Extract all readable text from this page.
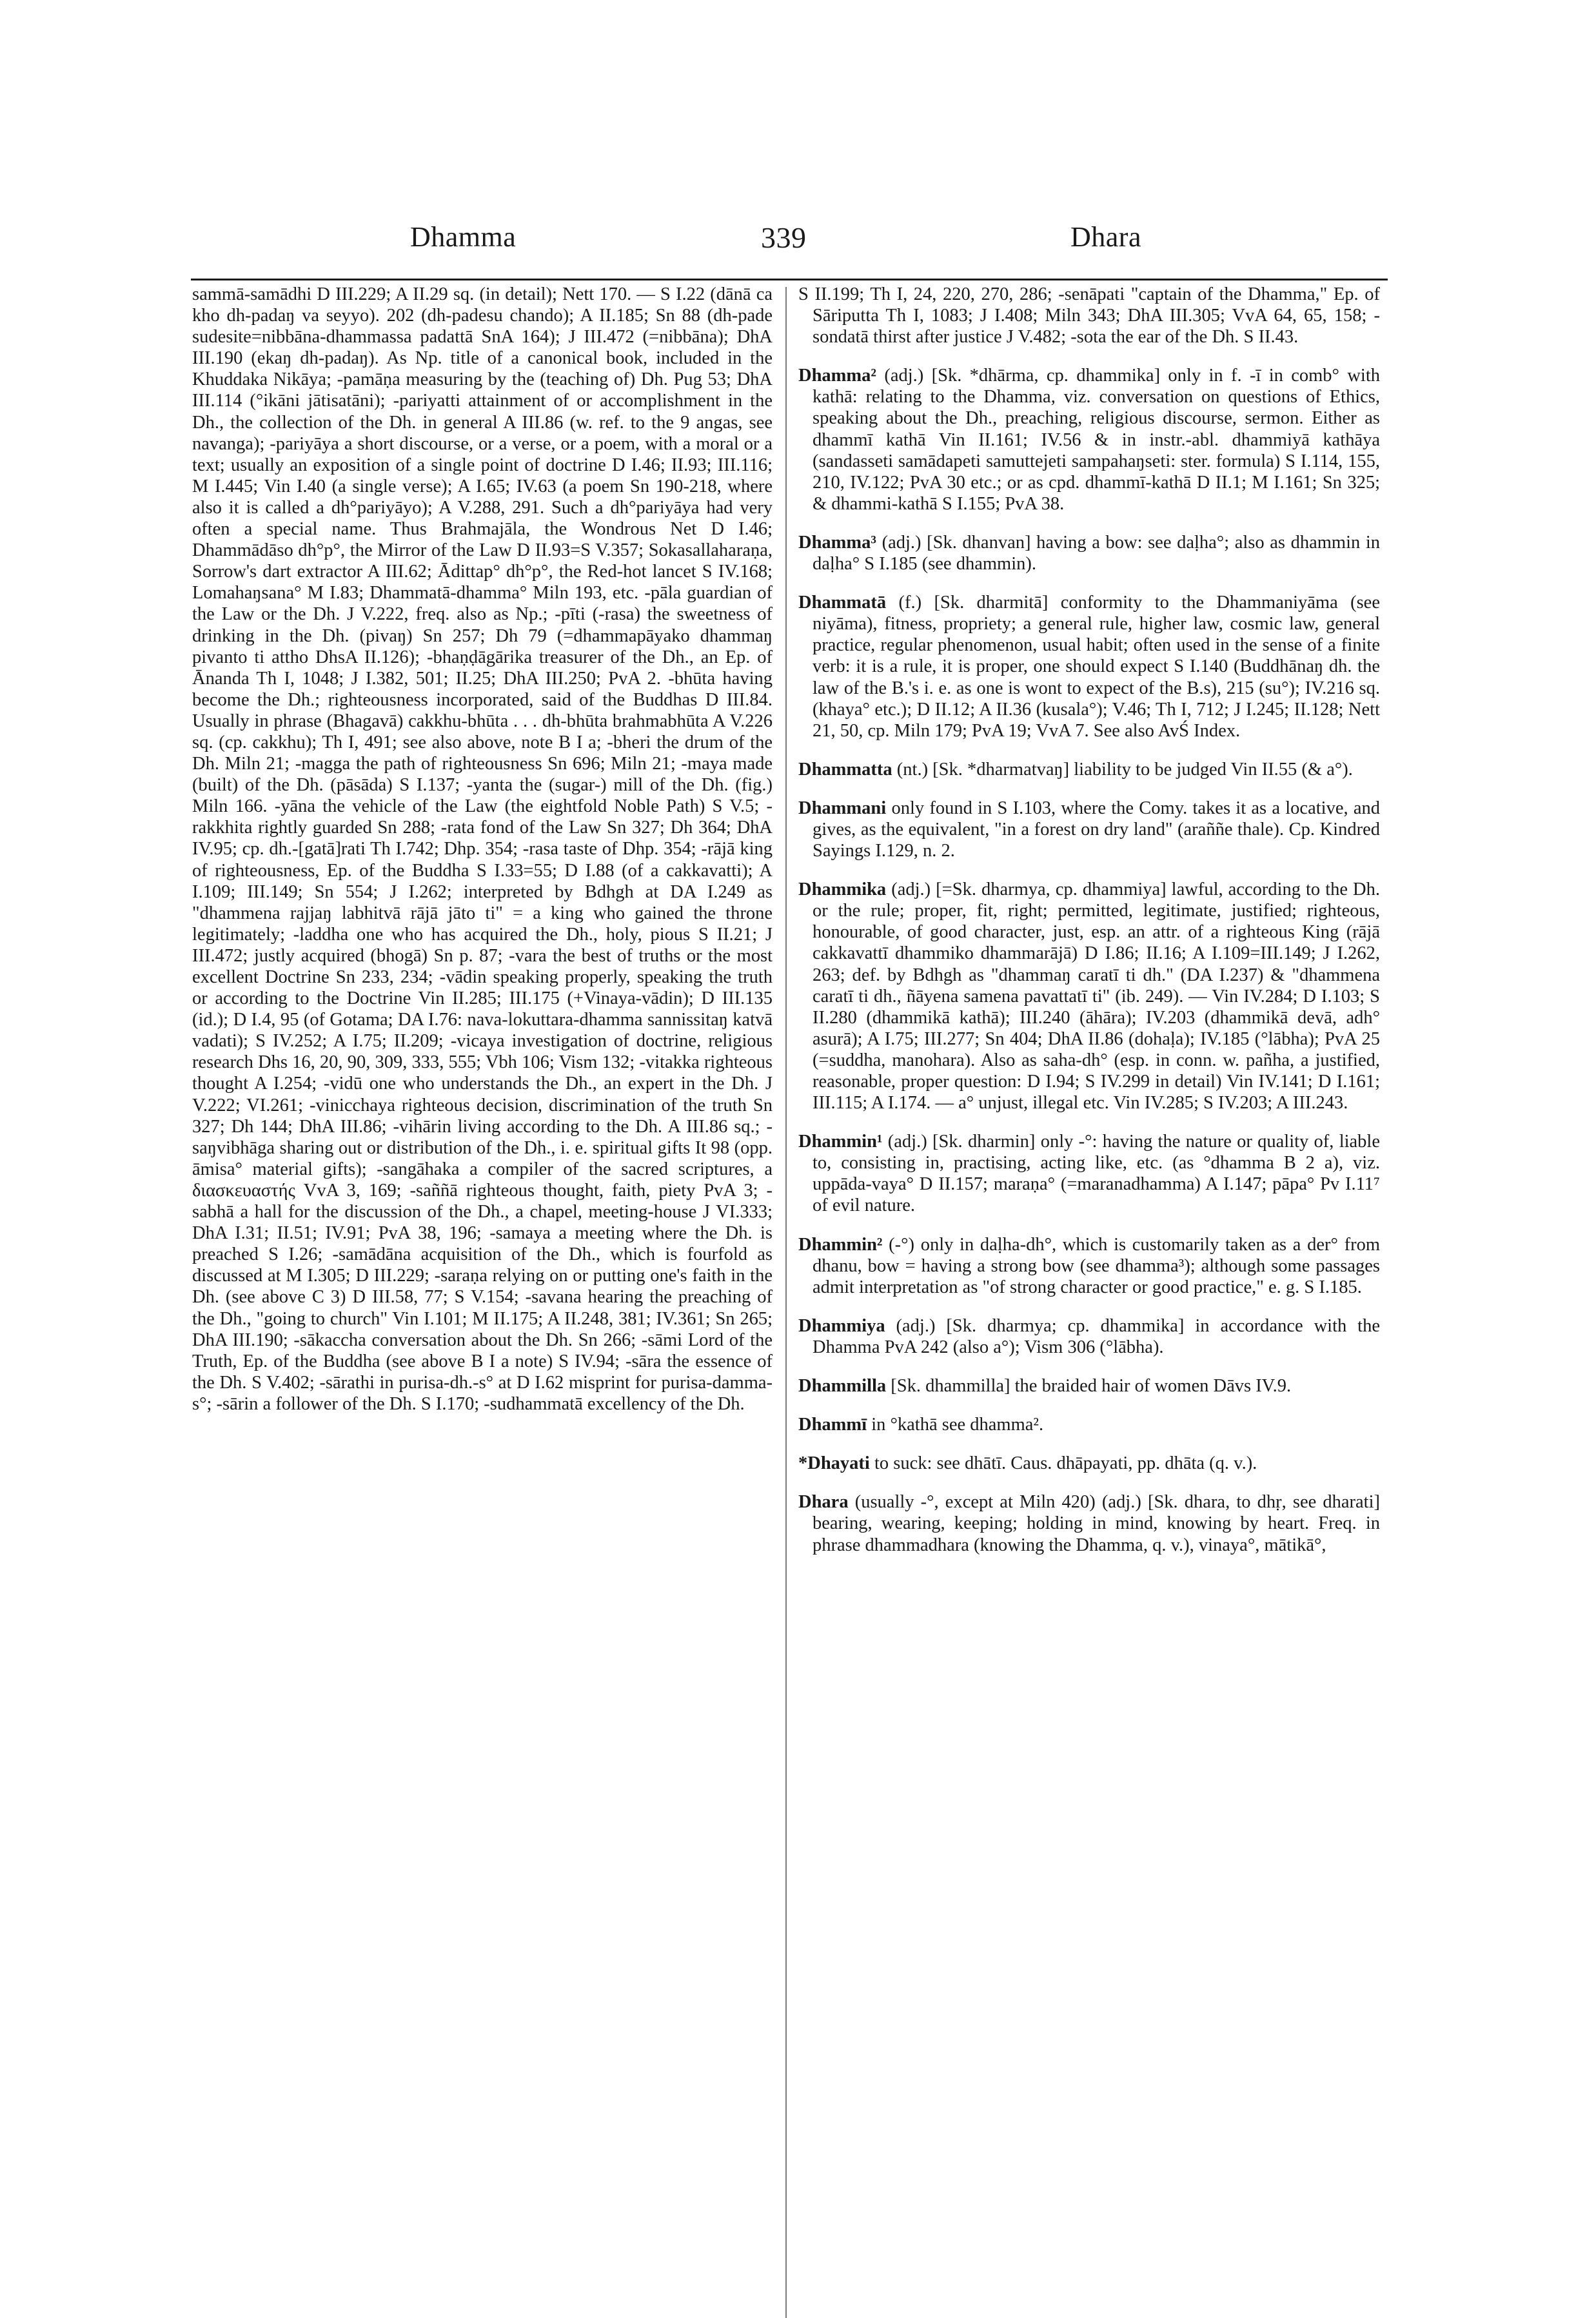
Dhamma	339	Dhara

sammā-samādhi D III.229; A II.29 sq. (in detail); Nett 170. — S I.22 (dānā ca kho dh-padaŋ va seyyo). 202 (dh-padesu chando); A II.185; Sn 88 (dh-pade sudesite=nibbāna-dhammassa padattā SnA 164); J III.472 (=nibbāna); DhA III.190 (ekaŋ dh-padaŋ). As Np. title of a canonical book, included in the Khuddaka Nikāya; -pamāṇa measuring by the (teaching of) Dh. Pug 53; DhA III.114 (°ikāni jātisatāni); -pariyatti attainment of or accomplishment in the Dh., the collection of the Dh. in general A III.86 (w. ref. to the 9 angas, see navanga); -pariyāya a short discourse, or a verse, or a poem, with a moral or a text; usually an exposition of a single point of doctrine D I.46; II.93; III.116; M I.445; Vin I.40 (a single verse); A I.65; IV.63 (a poem Sn 190-218, where also it is called a dh°pariyāyo); A V.288, 291. Such a dh°pariyāya had very often a special name. Thus Brahmajāla, the Wondrous Net D I.46; Dhammādāso dh°p°, the Mirror of the Law D II.93=S V.357; Sokasallaharaṇa, Sorrow's dart extractor A III.62; Ādittap° dh°p°, the Red-hot lancet S IV.168; Lomahaŋsana° M I.83; Dhammatā-dhamma° Miln 193, etc. -pāla guardian of the Law or the Dh. J V.222, freq. also as Np.; -pīti (-rasa) the sweetness of drinking in the Dh. (pivaŋ) Sn 257; Dh 79 (=dhammapāyako dhammaŋ pivanto ti attho DhsA II.126); -bhaṇḍāgārika treasurer of the Dh., an Ep. of Ānanda Th I, 1048; J I.382, 501; II.25; DhA III.250; PvA 2. -bhūta having become the Dh.; righteousness incorporated, said of the Buddhas D III.84. Usually in phrase (Bhagavā) cakkhu-bhūta . . . dh-bhūta brahmabhūta A V.226 sq. (cp. cakkhu); Th I, 491; see also above, note B I a; -bheri the drum of the Dh. Miln 21; -magga the path of righteousness Sn 696; Miln 21; -maya made (built) of the Dh. (pāsāda) S I.137; -yanta the (sugar-) mill of the Dh. (fig.) Miln 166. -yāna the vehicle of the Law (the eightfold Noble Path) S V.5; -rakkhita rightly guarded Sn 288; -rata fond of the Law Sn 327; Dh 364; DhA IV.95; cp. dh.-[gatā]rati Th I.742; Dhp. 354; -rasa taste of Dhp. 354; -rājā king of righteousness, Ep. of the Buddha S I.33=55; D I.88 (of a cakkavatti); A I.109; III.149; Sn 554; J I.262; interpreted by Bdhgh at DA I.249 as "dhammena rajjaŋ labhitvā rājā jāto ti" = a king who gained the throne legitimately; -laddha one who has acquired the Dh., holy, pious S II.21; J III.472; justly acquired (bhogā) Sn p. 87; -vara the best of truths or the most excellent Doctrine Sn 233, 234; -vādin speaking properly, speaking the truth or according to the Doctrine Vin II.285; III.175 (+Vinaya-vādin); D III.135 (id.); D I.4, 95 (of Gotama; DA I.76: nava-lokuttara-dhamma sannissitaŋ katvā vadati); S IV.252; A I.75; II.209; -vicaya investigation of doctrine, religious research Dhs 16, 20, 90, 309, 333, 555; Vbh 106; Vism 132; -vitakka righteous thought A I.254; -vidū one who understands the Dh., an expert in the Dh. J V.222; VI.261; -vinicchaya righteous decision, discrimination of the truth Sn 327; Dh 144; DhA III.86; -vihārin living according to the Dh. A III.86 sq.; -saŋvibhāga sharing out or distribution of the Dh., i. e. spiritual gifts It 98 (opp. āmisa° material gifts); -sangāhaka a compiler of the sacred scriptures, a διασκευαστής VvA 3, 169; -saññā righteous thought, faith, piety PvA 3; -sabhā a hall for the discussion of the Dh., a chapel, meeting-house J VI.333; DhA I.31; II.51; IV.91; PvA 38, 196; -samaya a meeting where the Dh. is preached S I.26; -samādāna acquisition of the Dh., which is fourfold as discussed at M I.305; D III.229; -saraṇa relying on or putting one's faith in the Dh. (see above C 3) D III.58, 77; S V.154; -savana hearing the preaching of the Dh., "going to church" Vin I.101; M II.175; A II.248, 381; IV.361; Sn 265; DhA III.190; -sākaccha conversation about the Dh. Sn 266; -sāmi Lord of the Truth, Ep. of the Buddha (see above B I a note) S IV.94; -sāra the essence of the Dh. S V.402; -sārathi in purisa-dh.-s° at D I.62 misprint for purisa-damma-s°; -sārin a follower of the Dh. S I.170; -sudhammatā excellency of the Dh.

S II.199; Th I, 24, 220, 270, 286; -senāpati "captain of the Dhamma," Ep. of Sāriputta Th I, 1083; J I.408; Miln 343; DhA III.305; VvA 64, 65, 158; -sondatā thirst after justice J V.482; -sota the ear of the Dh. S II.43.

Dhamma² (adj.) [Sk. *dhārma, cp. dhammika] only in f. -ī in comb° with kathā: relating to the Dhamma, viz. conversation on questions of Ethics, speaking about the Dh., preaching, religious discourse, sermon. Either as dhammī kathā Vin II.161; IV.56 & in instr.-abl. dhammiyā kathāya (sandasseti samādapeti samuttejeti sampahaŋseti: ster. formula) S I.114, 155, 210, IV.122; PvA 30 etc.; or as cpd. dhammī-kathā D II.1; M I.161; Sn 325; & dhammi-kathā S I.155; PvA 38.

Dhamma³ (adj.) [Sk. dhanvan] having a bow: see daḷha°; also as dhammin in daḷha° S I.185 (see dhammin).

Dhammatā (f.) [Sk. dharmitā] conformity to the Dhammaniyāma (see niyāma), fitness, propriety; a general rule, higher law, cosmic law, general practice, regular phenomenon, usual habit; often used in the sense of a finite verb: it is a rule, it is proper, one should expect S I.140 (Buddhānaŋ dh. the law of the B.'s i. e. as one is wont to expect of the B.s), 215 (su°); IV.216 sq. (khaya° etc.); D II.12; A II.36 (kusala°); V.46; Th I, 712; J I.245; II.128; Nett 21, 50, cp. Miln 179; PvA 19; VvA 7. See also AvŚ Index.

Dhammatta (nt.) [Sk. *dharmatvaŋ] liability to be judged Vin II.55 (& a°).

Dhammani only found in S I.103, where the Comy. takes it as a locative, and gives, as the equivalent, "in a forest on dry land" (araññe thale). Cp. Kindred Sayings I.129, n. 2.

Dhammika (adj.) [=Sk. dharmya, cp. dhammiya] lawful, according to the Dh. or the rule; proper, fit, right; permitted, legitimate, justified; righteous, honourable, of good character, just, esp. an attr. of a righteous King (rājā cakkavattī dhammiko dhammarājā) D I.86; II.16; A I.109=III.149; J I.262, 263; def. by Bdhgh as "dhammaŋ caratī ti dh." (DA I.237) & "dhammena caratī ti dh., ñāyena samena pavattatī ti" (ib. 249). — Vin IV.284; D I.103; S II.280 (dhammikā kathā); III.240 (āhāra); IV.203 (dhammikā devā, adh° asurā); A I.75; III.277; Sn 404; DhA II.86 (dohaḷa); IV.185 (°lābha); PvA 25 (=suddha, manohara). Also as saha-dh° (esp. in conn. w. pañha, a justified, reasonable, proper question: D I.94; S IV.299 in detail) Vin IV.141; D I.161; III.115; A I.174. — a° unjust, illegal etc. Vin IV.285; S IV.203; A III.243.

Dhammin¹ (adj.) [Sk. dharmin] only -°: having the nature or quality of, liable to, consisting in, practising, acting like, etc. (as °dhamma B 2 a), viz. uppāda-vaya° D II.157; maraṇa° (=maranadhamma) A I.147; pāpa° Pv I.11⁷ of evil nature.

Dhammin² (-°) only in daḷha-dh°, which is customarily taken as a der° from dhanu, bow = having a strong bow (see dhamma³); although some passages admit interpretation as "of strong character or good practice," e. g. S I.185.

Dhammiya (adj.) [Sk. dharmya; cp. dhammika] in accordance with the Dhamma PvA 242 (also a°); Vism 306 (°lābha).

Dhammilla [Sk. dhammilla] the braided hair of women Dāvs IV.9.

Dhammī in °kathā see dhamma².

*Dhayati to suck: see dhātī. Caus. dhāpayati, pp. dhāta (q. v.).

Dhara (usually -°, except at Miln 420) (adj.) [Sk. dhara, to dhṛ, see dharati] bearing, wearing, keeping; holding in mind, knowing by heart. Freq. in phrase dhammadhara (knowing the Dhamma, q. v.), vinaya°, mātikā°,
